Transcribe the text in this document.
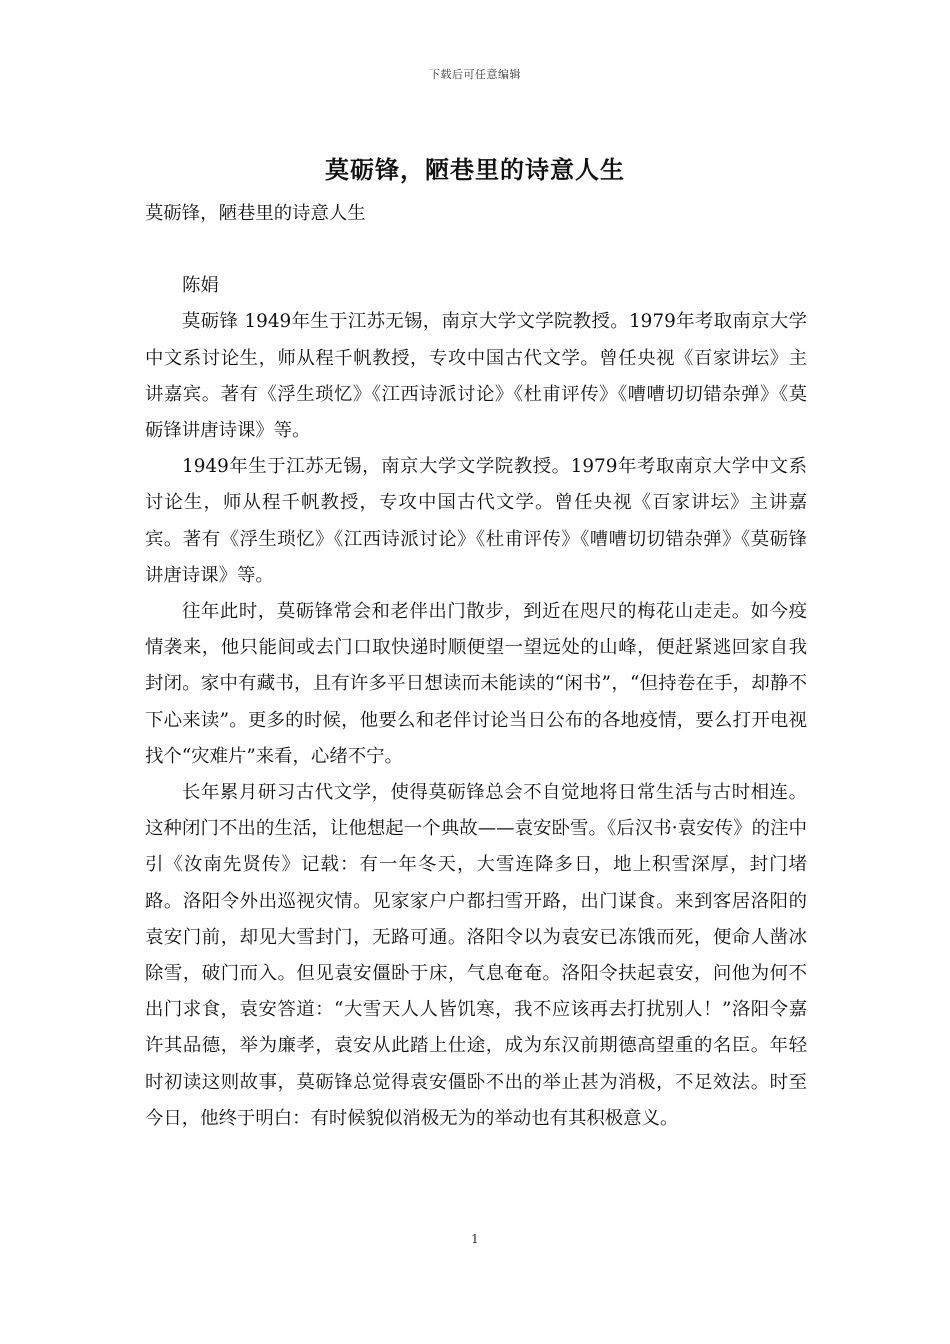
下载后可任意编辑
莫砺锋，陋巷里的诗意人生

莫砺锋，陋巷里的诗意人生

陈娟

莫砺锋 1949年生于江苏无锡，南京大学文学院教授。1979年考取南京大学中文系讨论生，师从程千帆教授，专攻中国古代文学。曾任央视《百家讲坛》主讲嘉宾。著有《浮生琐忆》《江西诗派讨论》《杜甫评传》《嘈嘈切切错杂弹》《莫砺锋讲唐诗课》等。

1949年生于江苏无锡，南京大学文学院教授。1979年考取南京大学中文系讨论生，师从程千帆教授，专攻中国古代文学。曾任央视《百家讲坛》主讲嘉宾。著有《浮生琐忆》《江西诗派讨论》《杜甫评传》《嘈嘈切切错杂弹》《莫砺锋讲唐诗课》等。

往年此时，莫砺锋常会和老伴出门散步，到近在咫尺的梅花山走走。如今疫情袭来，他只能间或去门口取快递时顺便望一望远处的山峰，便赶紧逃回家自我封闭。家中有藏书，且有许多平日想读而未能读的“闲书”，“但持卷在手，却静不下心来读”。更多的时候，他要么和老伴讨论当日公布的各地疫情，要么打开电视找个“灾难片”来看，心绪不宁。

长年累月研习古代文学，使得莫砺锋总会不自觉地将日常生活与古时相连。这种闭门不出的生活，让他想起一个典故——袁安卧雪。《后汉书·袁安传》的注中引《汝南先贤传》记载：有一年冬天，大雪连降多日，地上积雪深厚，封门堵路。洛阳令外出巡视灾情。见家家户户都扫雪开路，出门谋食。来到客居洛阳的袁安门前，却见大雪封门，无路可通。洛阳令以为袁安已冻饿而死，便命人凿冰除雪，破门而入。但见袁安僵卧于床，气息奄奄。洛阳令扶起袁安，问他为何不出门求食，袁安答道：“大雪天人人皆饥寒，我不应该再去打扰别人！”洛阳令嘉许其品德，举为廉孝，袁安从此踏上仕途，成为东汉前期德高望重的名臣。年轻时初读这则故事，莫砺锋总觉得袁安僵卧不出的举止甚为消极，不足效法。时至今日，他终于明白：有时候貌似消极无为的举动也有其积极意义。

1
